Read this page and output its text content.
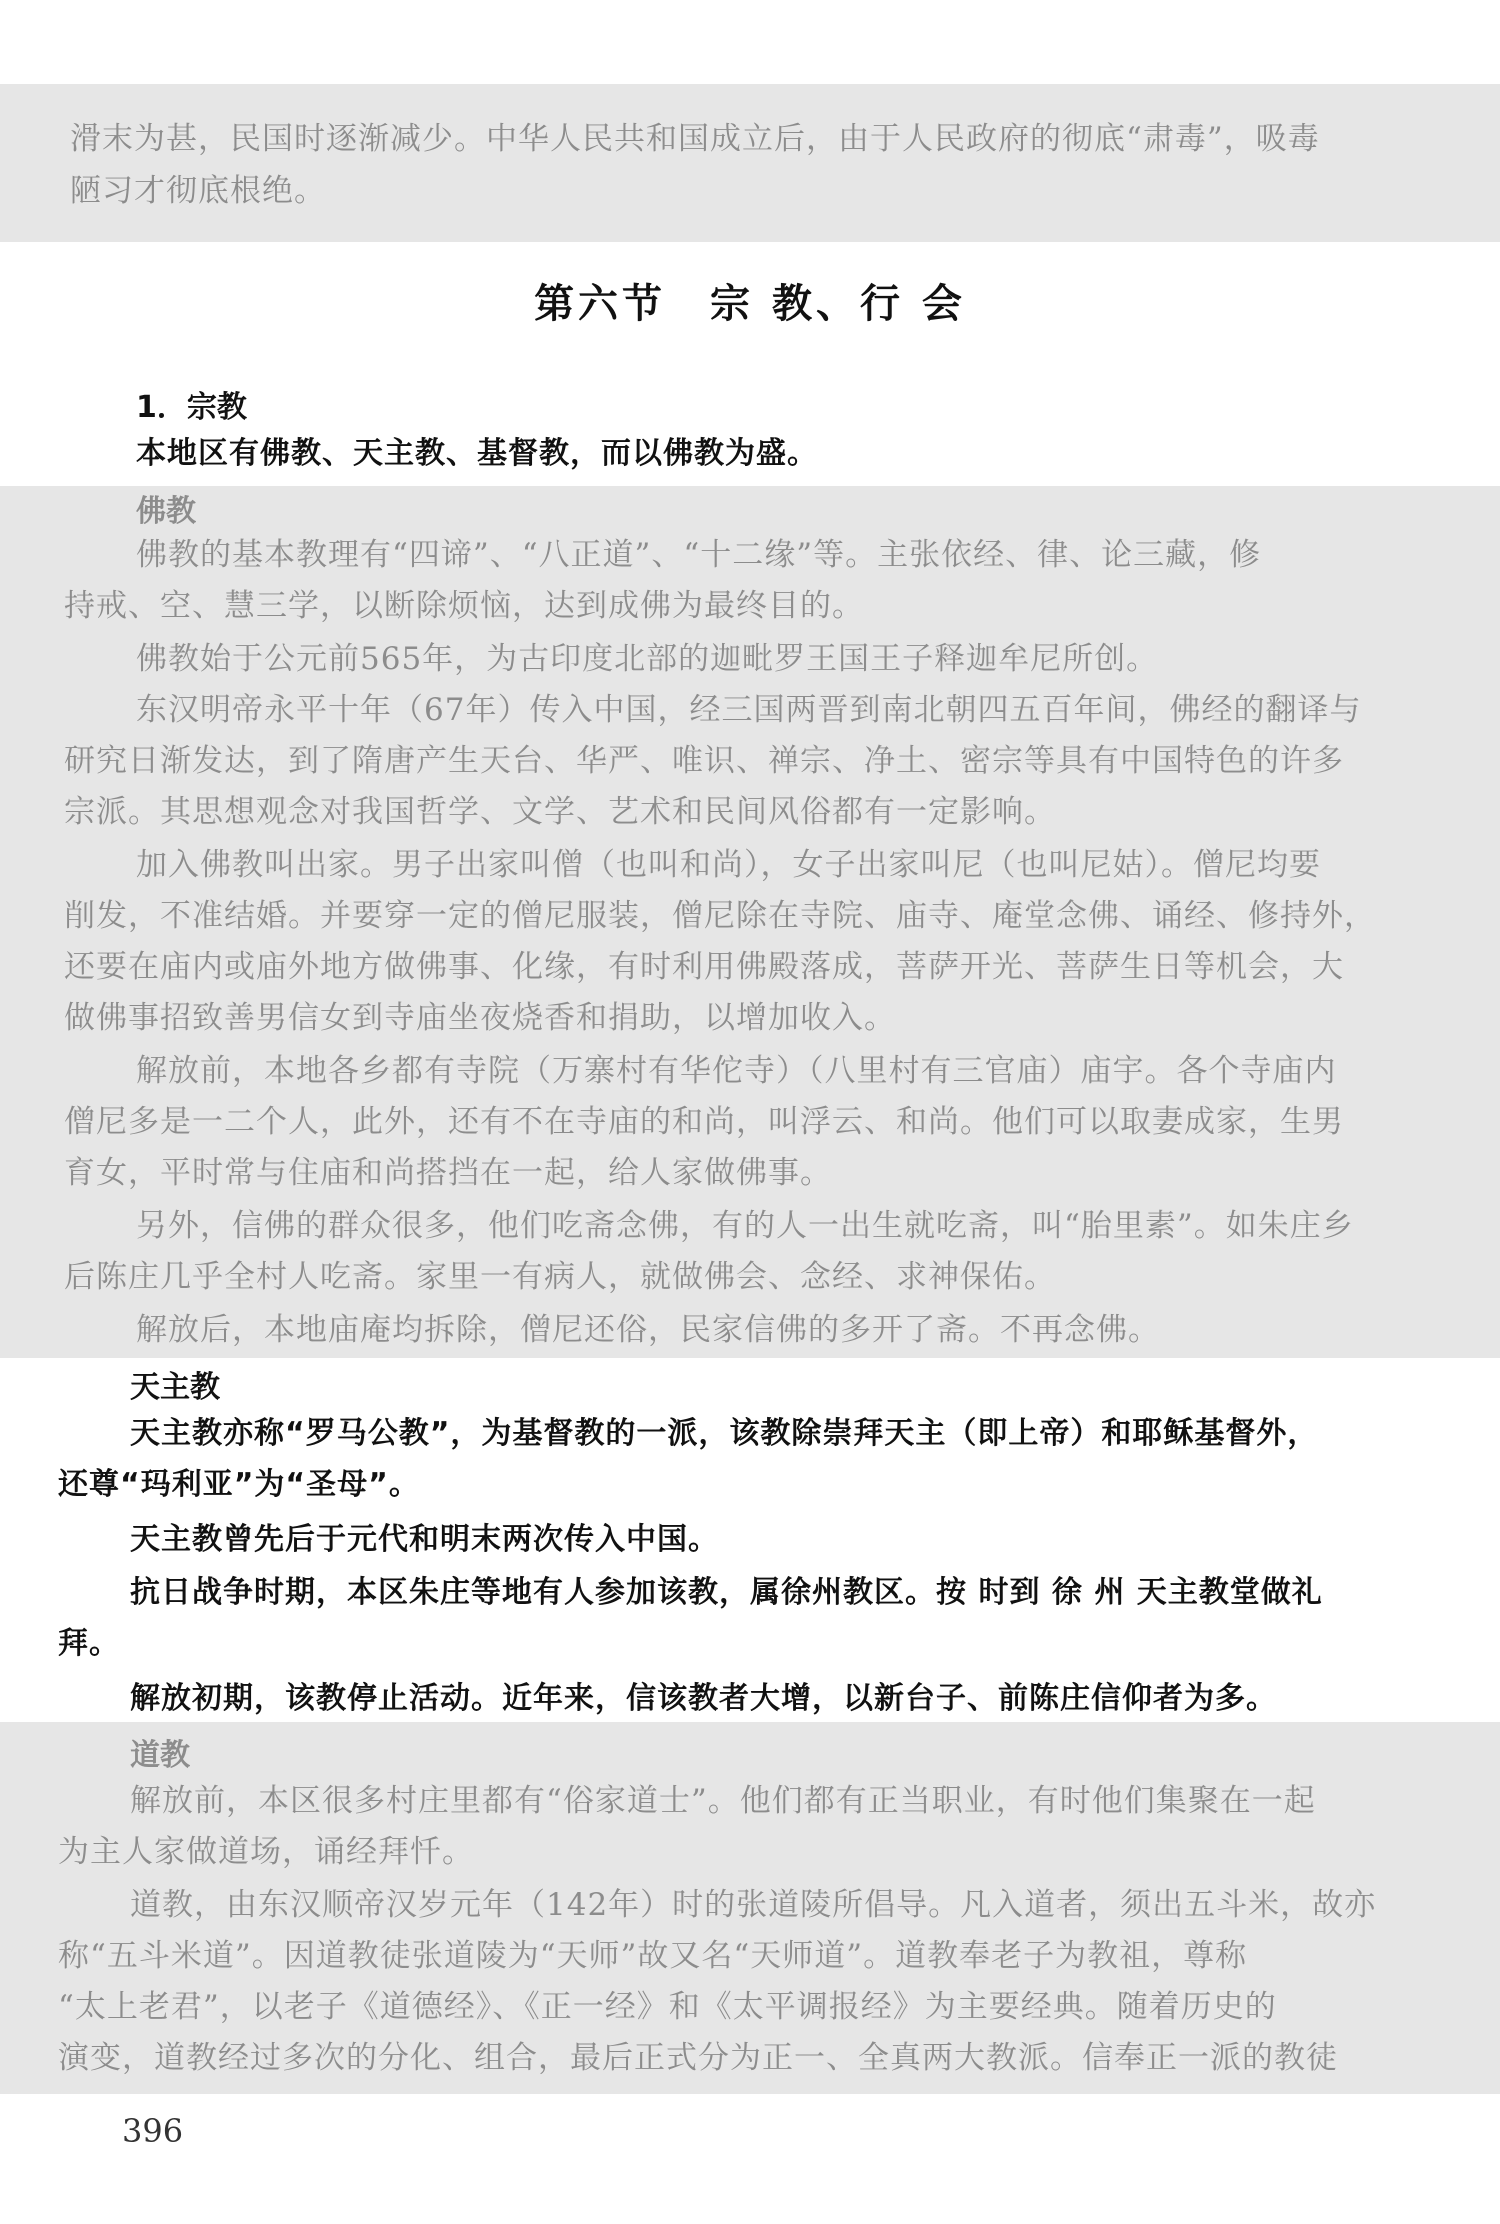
滑末为甚，民国时逐渐减少。中华人民共和国成立后，由于人民政府的彻底“肃毒”，吸毒
陋习才彻底根绝。
第六节　宗 教、行 会
1．宗教
本地区有佛教、天主教、基督教，而以佛教为盛。
佛教
佛教的基本教理有“四谛”、“八正道”、“十二缘”等。主张依经、律、论三藏，修
持戒、空、慧三学，以断除烦恼，达到成佛为最终目的。
佛教始于公元前565年，为古印度北部的迦毗罗王国王子释迦牟尼所创。
东汉明帝永平十年（67年）传入中国，经三国两晋到南北朝四五百年间，佛经的翻译与
研究日渐发达，到了隋唐产生天台、华严、唯识、禅宗、净土、密宗等具有中国特色的许多
宗派。其思想观念对我国哲学、文学、艺术和民间风俗都有一定影响。
加入佛教叫出家。男子出家叫僧（也叫和尚），女子出家叫尼（也叫尼姑）。僧尼均要
削发，不准结婚。并要穿一定的僧尼服装，僧尼除在寺院、庙寺、庵堂念佛、诵经、修持外，
还要在庙内或庙外地方做佛事、化缘，有时利用佛殿落成，菩萨开光、菩萨生日等机会，大
做佛事招致善男信女到寺庙坐夜烧香和捐助，以增加收入。
解放前，本地各乡都有寺院（万寨村有华佗寺）（八里村有三官庙）庙宇。各个寺庙内
僧尼多是一二个人，此外，还有不在寺庙的和尚，叫浮云、和尚。他们可以取妻成家，生男
育女，平时常与住庙和尚搭挡在一起，给人家做佛事。
另外，信佛的群众很多，他们吃斋念佛，有的人一出生就吃斋，叫“胎里素”。如朱庄乡
后陈庄几乎全村人吃斋。家里一有病人，就做佛会、念经、求神保佑。
解放后，本地庙庵均拆除，僧尼还俗，民家信佛的多开了斋。不再念佛。
天主教
天主教亦称“罗马公教”，为基督教的一派，该教除崇拜天主（即上帝）和耶稣基督外，
还尊“玛利亚”为“圣母”。
天主教曾先后于元代和明末两次传入中国。
抗日战争时期，本区朱庄等地有人参加该教，属徐州教区。按 时到 徐 州 天主教堂做礼
拜。
解放初期，该教停止活动。近年来，信该教者大增，以新台子、前陈庄信仰者为多。
道教
解放前，本区很多村庄里都有“俗家道士”。他们都有正当职业，有时他们集聚在一起
为主人家做道场，诵经拜忏。
道教，由东汉顺帝汉岁元年（142年）时的张道陵所倡导。凡入道者，须出五斗米，故亦
称“五斗米道”。因道教徒张道陵为“天师”故又名“天师道”。道教奉老子为教祖，尊称
“太上老君”，以老子《道德经》、《正一经》和《太平调报经》为主要经典。随着历史的
演变，道教经过多次的分化、组合，最后正式分为正一、全真两大教派。信奉正一派的教徒
396
